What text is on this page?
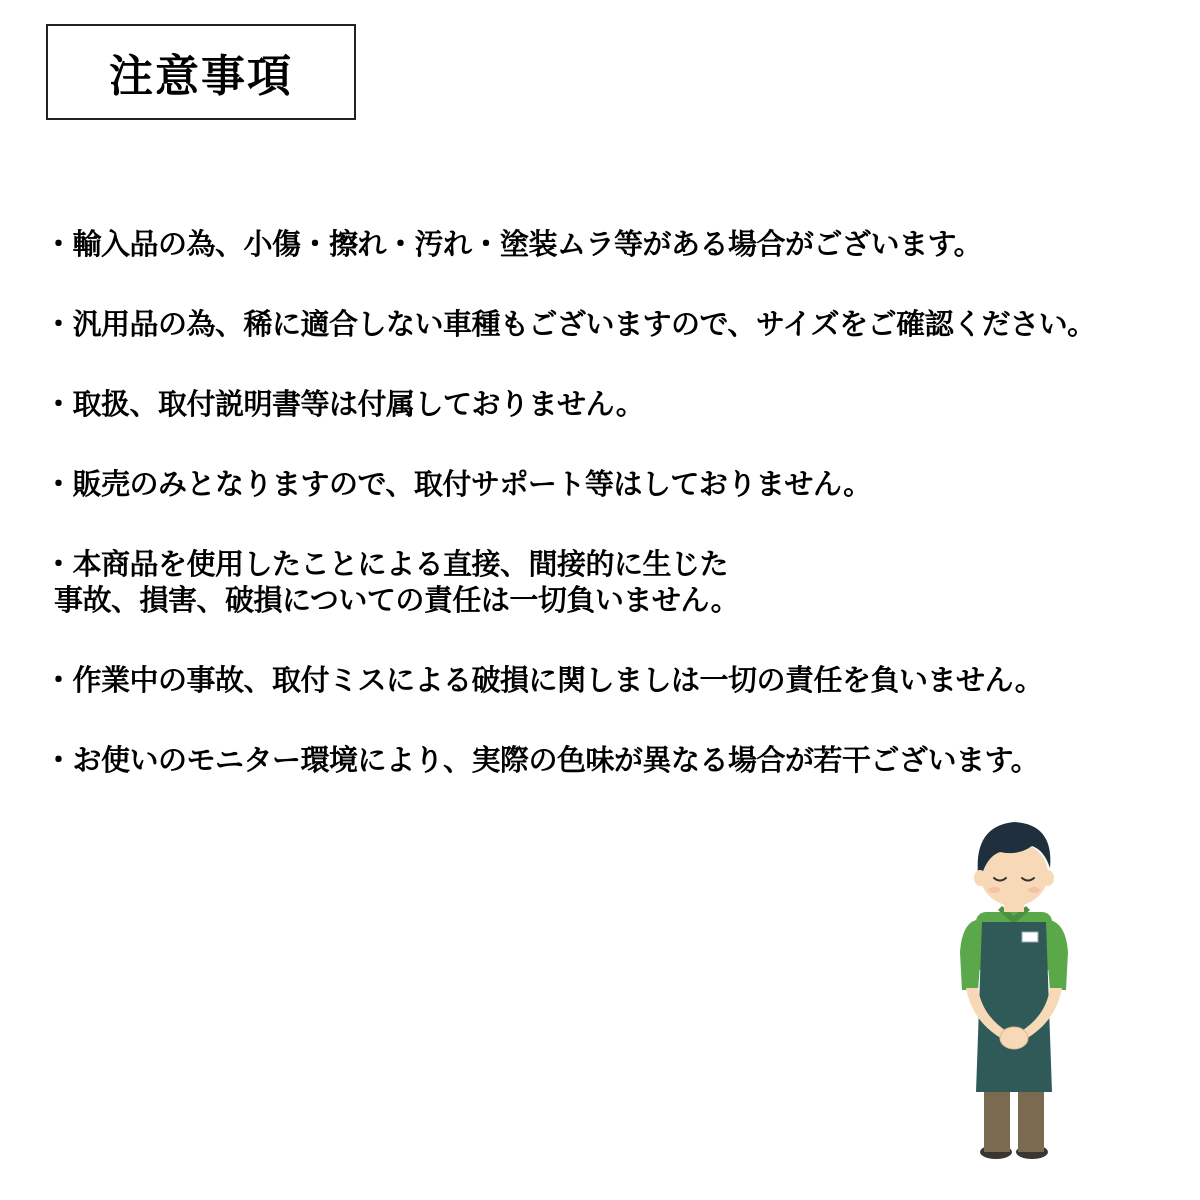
注意事項
・輸入品の為、小傷・擦れ・汚れ・塗装ムラ等がある場合がございます。
・汎用品の為、稀に適合しない車種もございますので、サイズをご確認ください。
・取扱、取付説明書等は付属しておりません。
・販売のみとなりますので、取付サポート等はしておりません。
・本商品を使用したことによる直接、間接的に生じた
事故、損害、破損についての責任は一切負いません。
・作業中の事故、取付ミスによる破損に関しましは一切の責任を負いません。
・お使いのモニター環境により、実際の色味が異なる場合が若干ございます。
